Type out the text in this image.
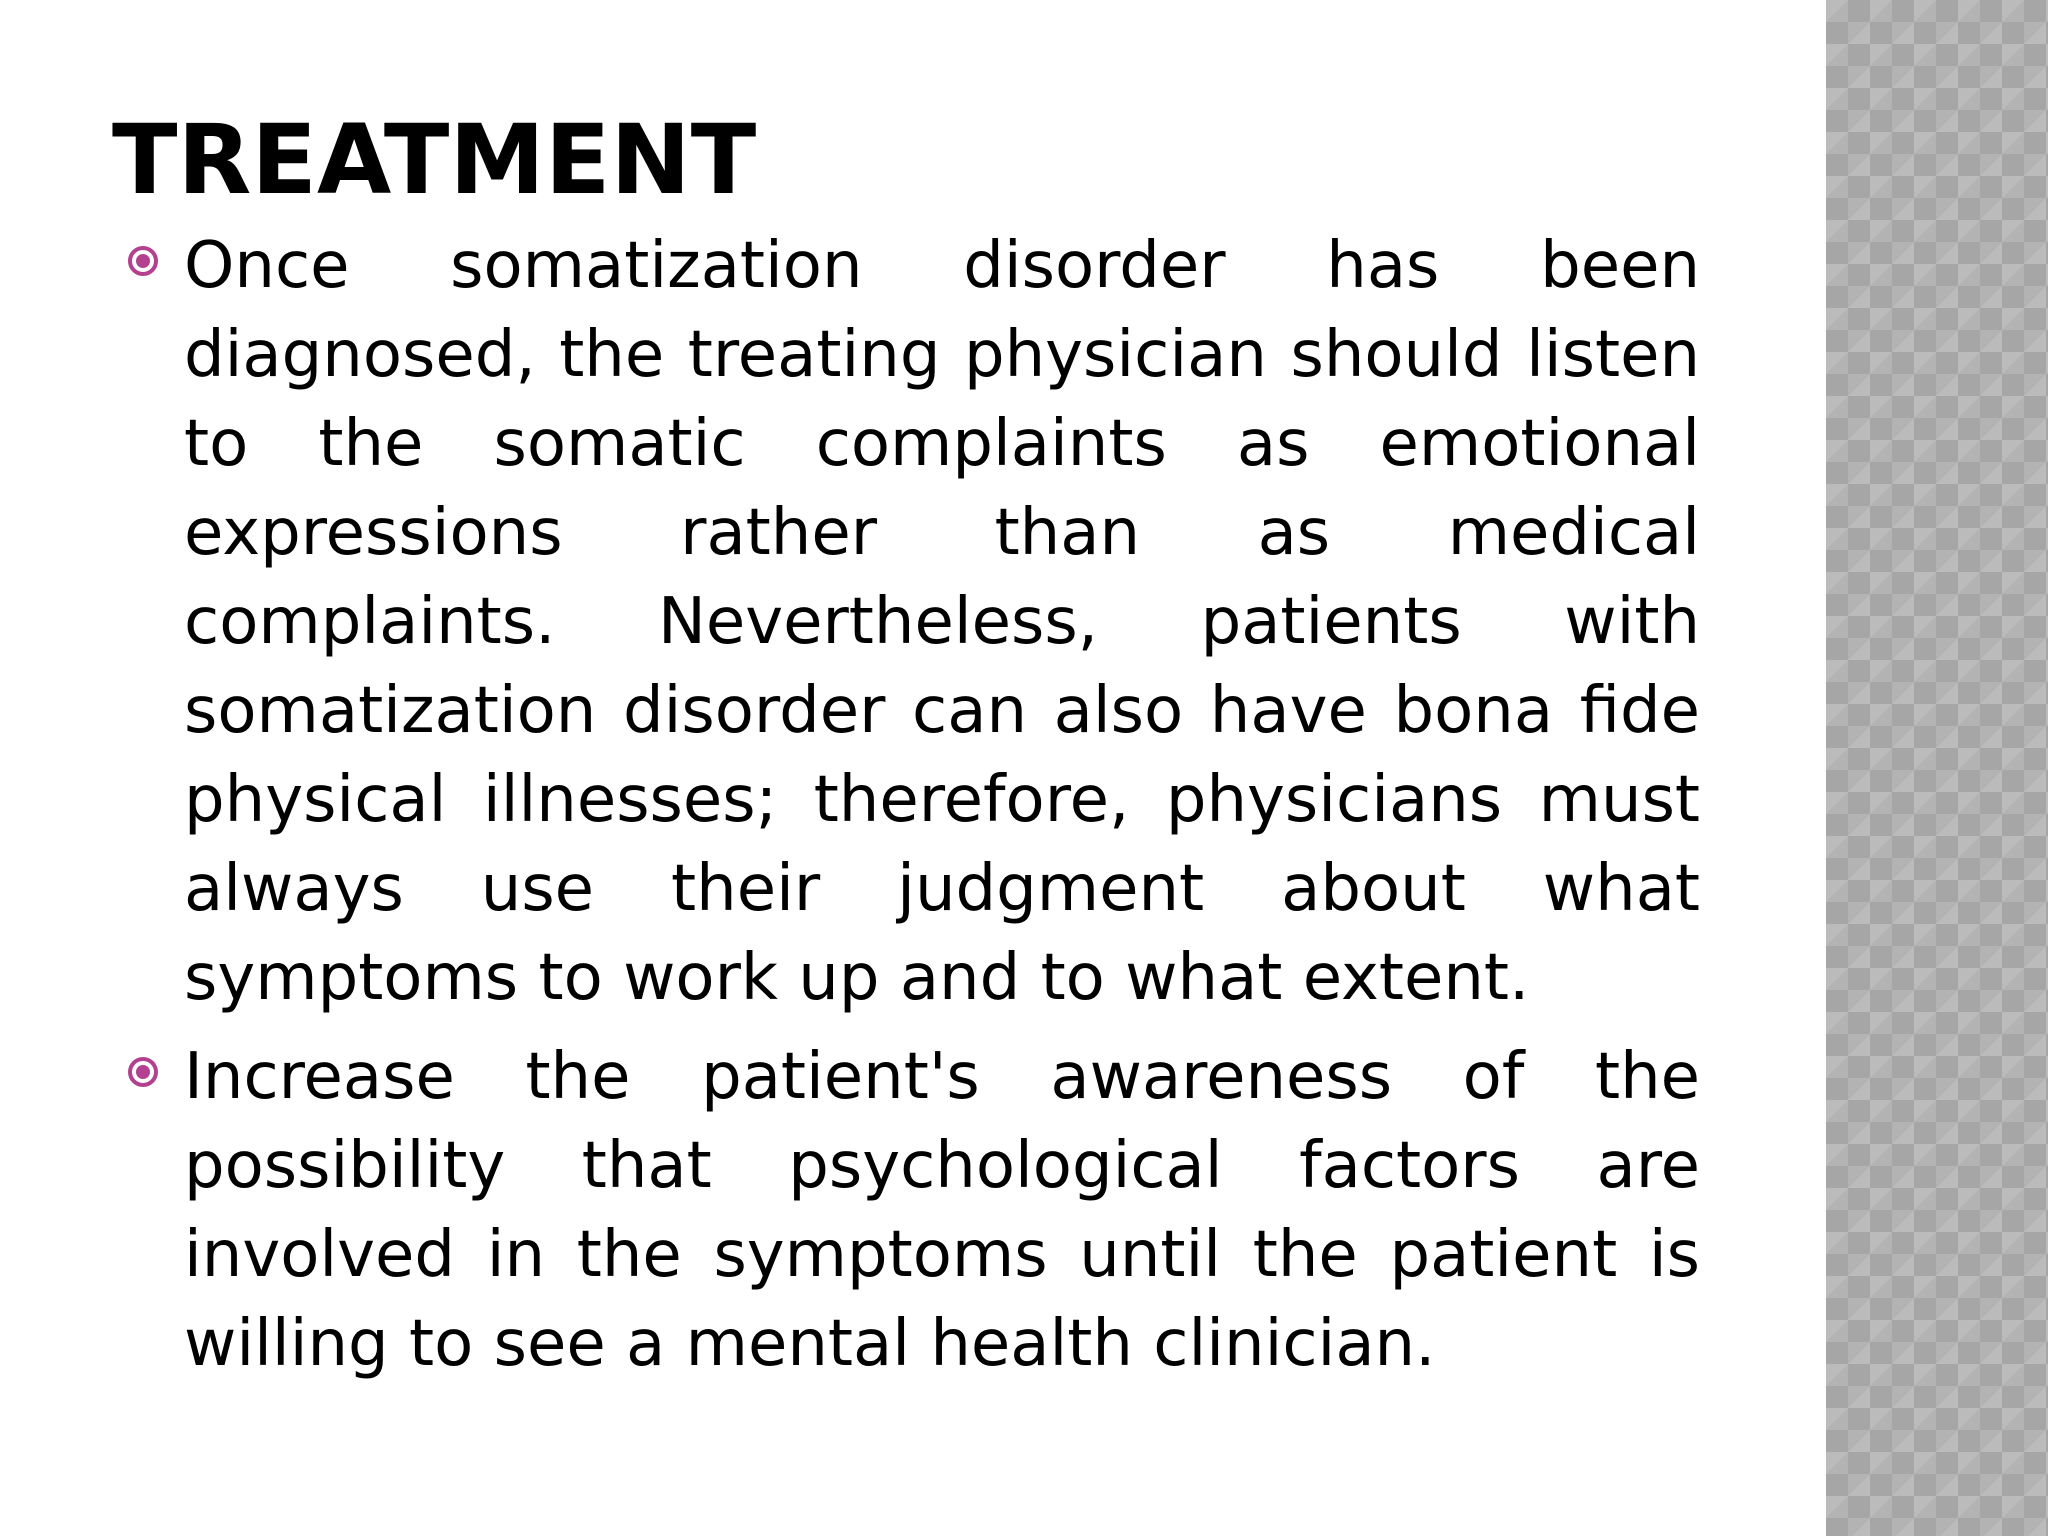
TREATMENT
Once somatization disorder has been diagnosed, the treating physician should listen to the somatic complaints as emotional expressions rather than as medical complaints. Nevertheless, patients with somatization disorder can also have bona fide physical illnesses; therefore, physicians must always use their judgment about what symptoms to work up and to what extent.
Increase the patient's awareness of the possibility that psychological factors are involved in the symptoms until the patient is willing to see a mental health clinician.
